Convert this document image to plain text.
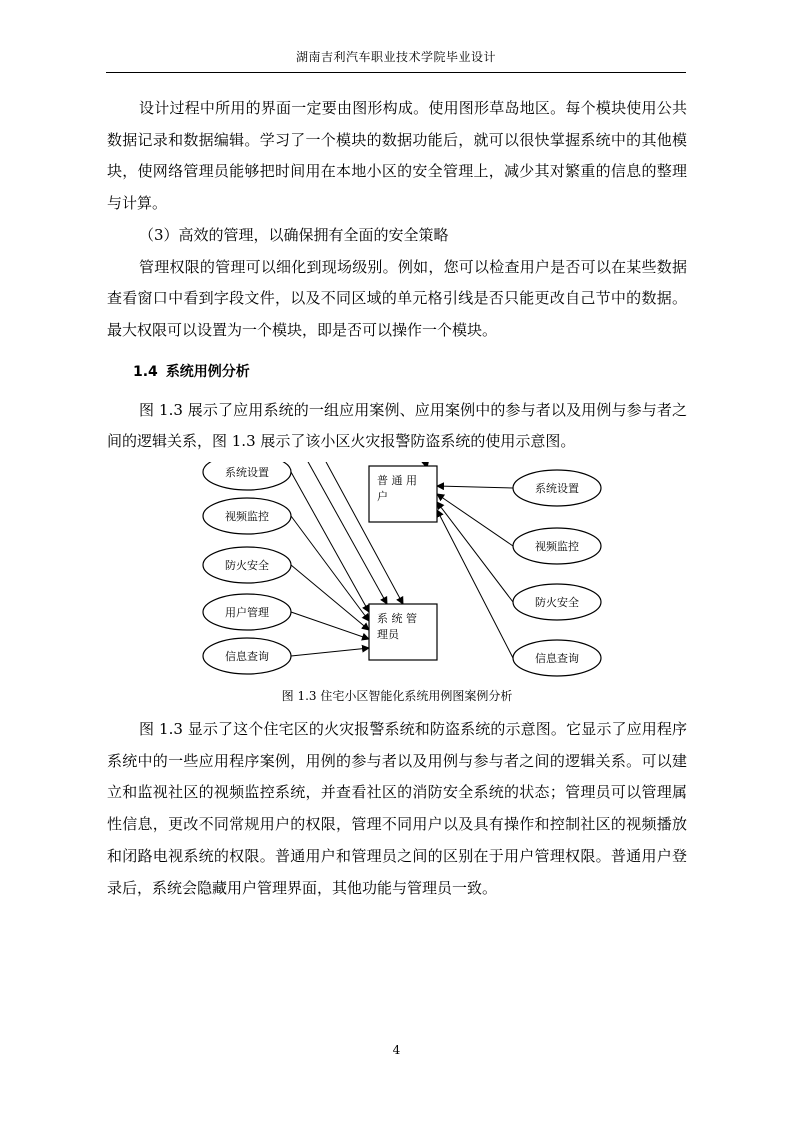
湖南吉利汽车职业技术学院毕业设计

设计过程中所用的界面一定要由图形构成。使用图形草岛地区。每个模块使用公共数据记录和数据编辑。学习了一个模块的数据功能后，就可以很快掌握系统中的其他模块，使网络管理员能够把时间用在本地小区的安全管理上，减少其对繁重的信息的整理与计算。

（3）高效的管理，以确保拥有全面的安全策略

管理权限的管理可以细化到现场级别。例如，您可以检查用户是否可以在某些数据查看窗口中看到字段文件，以及不同区域的单元格引线是否只能更改自己节中的数据。最大权限可以设置为一个模块，即是否可以操作一个模块。

1.4 系统用例分析

图 1.3 展示了应用系统的一组应用案例、应用案例中的参与者以及用例与参与者之间的逻辑关系，图 1.3 展示了该小区火灾报警防盗系统的使用示意图。

系统设置
视频监控
防火安全
用户管理
信息查询
系统设置
视频监控
防火安全
信息查询
普 通 用
户
系 统 管
理员
图 1.3 住宅小区智能化系统用例图案例分析

图 1.3 显示了这个住宅区的火灾报警系统和防盗系统的示意图。它显示了应用程序系统中的一些应用程序案例，用例的参与者以及用例与参与者之间的逻辑关系。可以建立和监视社区的视频监控系统，并查看社区的消防安全系统的状态；管理员可以管理属性信息，更改不同常规用户的权限，管理不同用户以及具有操作和控制社区的视频播放和闭路电视系统的权限。普通用户和管理员之间的区别在于用户管理权限。普通用户登录后，系统会隐藏用户管理界面，其他功能与管理员一致。

4
